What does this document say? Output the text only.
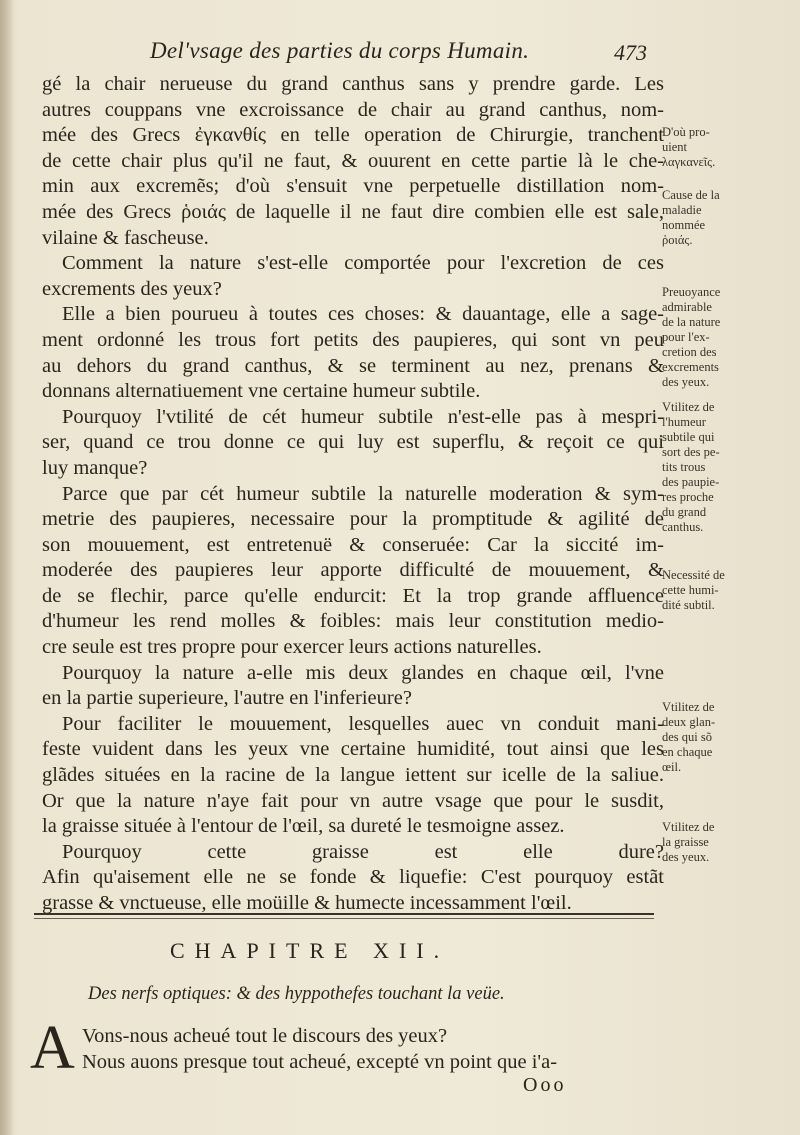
Del'vsage des parties du corps Humain.	473
gé la chair nerueuse du grand canthus sans y prendre garde. Les
autres couppans vne excroissance de chair au grand canthus, nom-
mée des Grecs ἐγκανθίς en telle operation de Chirurgie, tranchent
de cette chair plus qu'il ne faut, & ouurent en cette partie là le che-
min aux excremẽs; d'où s'ensuit vne perpetuelle distillation nom-
mée des Grecs ῥοιάς de laquelle il ne faut dire combien elle est sale,
vilaine & fascheuse.
Comment la nature s'est-elle comportée pour l'excretion de ces
excrements des yeux?
Elle a bien pourueu à toutes ces choses: & dauantage, elle a sage-
ment ordonné les trous fort petits des paupieres, qui sont vn peu
au dehors du grand canthus, & se terminent au nez, prenans &
donnans alternatiuement vne certaine humeur subtile.
Pourquoy l'vtilité de cét humeur subtile n'est-elle pas à mespri-
ser, quand ce trou donne ce qui luy est superflu, & reçoit ce qui
luy manque?
Parce que par cét humeur subtile la naturelle moderation & sym-
metrie des paupieres, necessaire pour la promptitude & agilité de
son mouuement, est entretenuë & conseruée: Car la siccité im-
moderée des paupieres leur apporte difficulté de mouuement, &
de se flechir, parce qu'elle endurcit: Et la trop grande affluence
d'humeur les rend molles & foibles: mais leur constitution medio-
cre seule est tres propre pour exercer leurs actions naturelles.
Pourquoy la nature a-elle mis deux glandes en chaque œil, l'vne
en la partie superieure, l'autre en l'inferieure?
Pour faciliter le mouuement, lesquelles auec vn conduit mani-
feste vuident dans les yeux vne certaine humidité, tout ainsi que les
glãdes situées en la racine de la langue iettent sur icelle de la saliue.
Or que la nature n'aye fait pour vn autre vsage que pour le susdit,
la graisse située à l'entour de l'œil, sa dureté le tesmoigne assez.
Pourquoy cette graisse est elle dure?
Afin qu'aisement elle ne se fonde & liquefie: C'est pourquoy estãt
grasse & vnctueuse, elle moüille & humecte incessamment l'œil.
D'où pro-
uient
λαγκανεῖς.
Cause de la
maladie
nommée
ῥοιάς.
Preuoyance
admirable
de la nature
pour l'ex-
cretion des
excrements
des yeux.
Vtilitez de
l'humeur
subtile qui
sort des pe-
tits trous
des paupie-
res proche
du grand
canthus.
Necessité de
cette humi-
dité subtil.
Vtilitez de
deux glan-
des qui sõ
en chaque
œil.
Vtilitez de
la graisse
des yeux.
CHAPITRE XII.
Des nerfs optiques: & des hyppothefes touchant la veüe.
A Vons-nous acheué tout le discours des yeux?
Nous auons presque tout acheué, excepté vn point que i'a-
Ooo
